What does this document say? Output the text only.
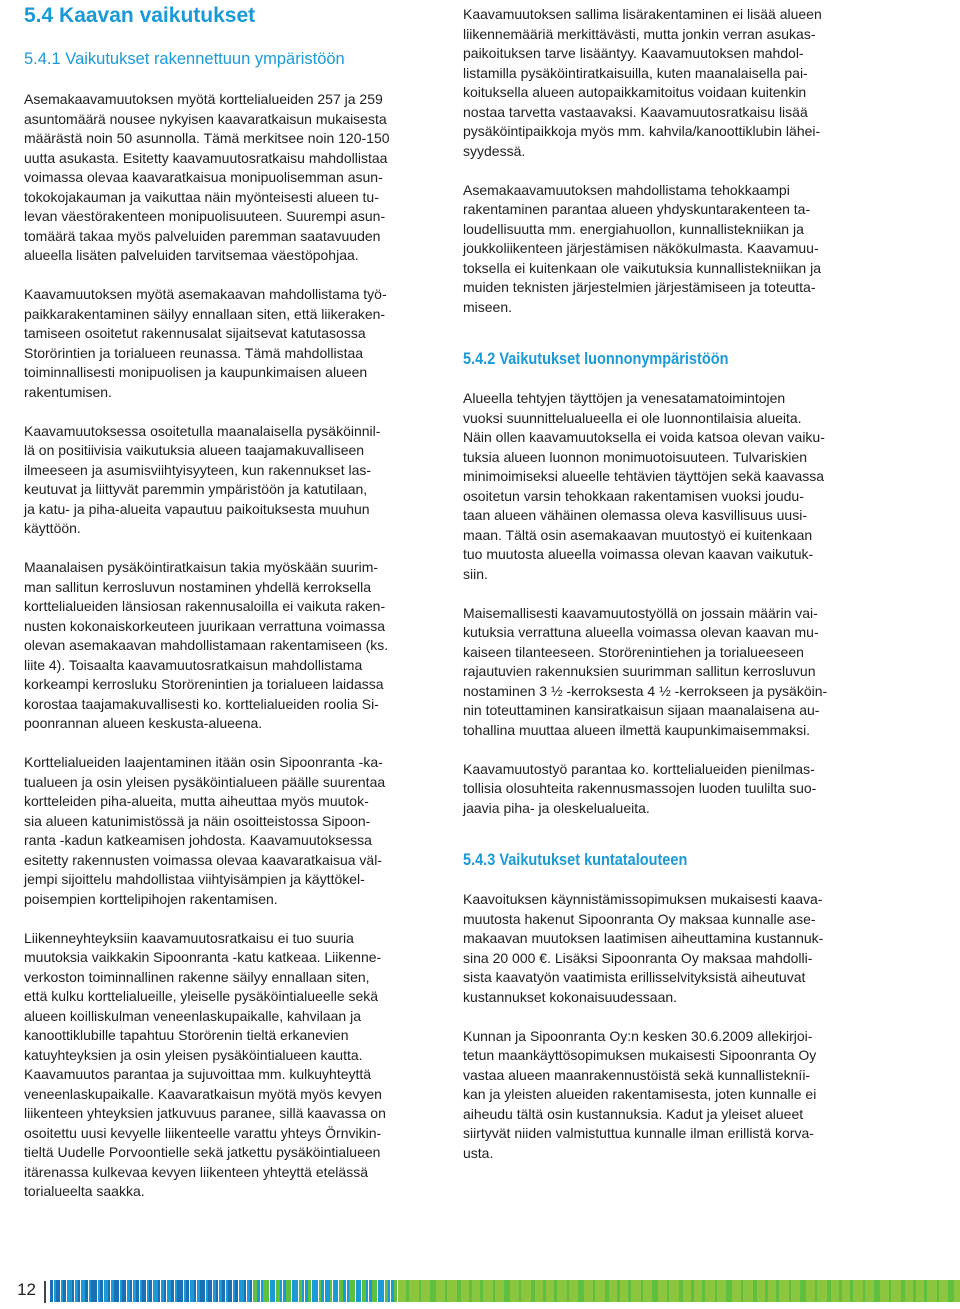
5.4 Kaavan vaikutukset
5.4.1 Vaikutukset rakennettuun ympäristöön

Asemakaavamuutoksen myötä korttelialueiden 257 ja 259
asuntomäärä nousee nykyisen kaavaratkaisun mukaisesta
määrästä noin 50 asunnolla. Tämä merkitsee noin 120-150
uutta asukasta. Esitetty kaavamuutosratkaisu mahdollistaa
voimassa olevaa kaavaratkaisua monipuolisemman asun-
tokokojakauman ja vaikuttaa näin myönteisesti alueen tu-
levan väestörakenteen monipuolisuuteen. Suurempi asun-
tomäärä takaa myös palveluiden paremman saatavuuden
alueella lisäten palveluiden tarvitsemaa väestöpohjaa.

Kaavamuutoksen myötä asemakaavan mahdollistama työ-
paikkarakentaminen säilyy ennallaan siten, että liikeraken-
tamiseen osoitetut rakennusalat sijaitsevat katutasossa
Storörintien ja torialueen reunassa. Tämä mahdollistaa
toiminnallisesti monipuolisen ja kaupunkimaisen alueen
rakentumisen.

Kaavamuutoksessa osoitetulla maanalaisella pysäköinnil-
lä on positiivisia vaikutuksia alueen taajamakuvalliseen
ilmeeseen ja asumisviihtyisyyteen, kun rakennukset las-
keutuvat ja liittyvät paremmin ympäristöön ja katutilaan,
ja katu- ja piha-alueita vapautuu paikoituksesta muuhun
käyttöön.

Maanalaisen pysäköintiratkaisun takia myöskään suurim-
man sallitun kerrosluvun nostaminen yhdellä kerroksella
korttelialueiden länsiosan rakennusaloilla ei vaikuta raken-
nusten kokonaiskorkeuteen juurikaan verrattuna voimassa
olevan asemakaavan mahdollistamaan rakentamiseen (ks.
liite 4). Toisaalta kaavamuutosratkaisun mahdollistama
korkeampi kerrosluku Storörenintien ja torialueen laidassa
korostaa taajamakuvallisesti ko. korttelialueiden roolia Si-
poonrannan alueen keskusta-alueena.

Korttelialueiden laajentaminen itään osin Sipoonranta -ka-
tualueen ja osin yleisen pysäköintialueen päälle suurentaa
kortteleiden piha-alueita, mutta aiheuttaa myös muutok-
sia alueen katunimistössä ja näin osoitteistossa Sipoon-
ranta -kadun katkeamisen johdosta. Kaavamuutoksessa
esitetty rakennusten voimassa olevaa kaavaratkaisua väl-
jempi sijoittelu mahdollistaa viihtyisämpien ja käyttökel-
poisempien korttelipihojen rakentamisen.

Liikenneyhteyksiin kaavamuutosratkaisu ei tuo suuria
muutoksia vaikkakin Sipoonranta -katu katkeaa. Liikenne-
verkoston toiminnallinen rakenne säilyy ennallaan siten,
että kulku korttelialueille, yleiselle pysäköintialueelle sekä
alueen koilliskulman veneenlaskupaikalle, kahvilaan ja
kanoottiklubille tapahtuu Storörenin tieltä erkanevien
katuyhteyksien ja osin yleisen pysäköintialueen kautta.
Kaavamuutos parantaa ja sujuvoittaa mm. kulkuyhteyttä
veneenlaskupaikalle. Kaavaratkaisun myötä myös kevyen
liikenteen yhteyksien jatkuvuus paranee, sillä kaavassa on
osoitettu uusi kevyelle liikenteelle varattu yhteys Örnvikin-
tieltä Uudelle Porvoontielle sekä jatkettu pysäköintialueen
itärenassa kulkevaa kevyen liikenteen yhteyttä etelässä
torialueelta saakka.

Kaavamuutoksen sallima lisärakentaminen ei lisää alueen
liikennemääriä merkittävästi, mutta jonkin verran asukas-
paikoituksen tarve lisääntyy. Kaavamuutoksen mahdol-
listamilla pysäköintiratkaisuilla, kuten maanalaisella pai-
koituksella alueen autopaikkamitoitus voidaan kuitenkin
nostaa tarvetta vastaavaksi. Kaavamuutosratkaisu lisää
pysäköintipaikkoja myös mm. kahvila/kanoottiklubin lähei-
syydessä.

Asemakaavamuutoksen mahdollistama tehokkaampi
rakentaminen parantaa alueen yhdyskuntarakenteen ta-
loudellisuutta mm. energiahuollon, kunnallistekniikan ja
joukkoliikenteen järjestämisen näkökulmasta. Kaavamuu-
toksella ei kuitenkaan ole vaikutuksia kunnallistekniikan ja
muiden teknisten järjestelmien järjestämiseen ja toteutta-
miseen.

5.4.2 Vaikutukset luonnonympäristöön

Alueella tehtyjen täyttöjen ja venesatamatoimintojen
vuoksi suunnittelualueella ei ole luonnontilaisia alueita.
Näin ollen kaavamuutoksella ei voida katsoa olevan vaiku-
tuksia alueen luonnon monimuotoisuuteen. Tulvariskien
minimoimiseksi alueelle tehtävien täyttöjen sekä kaavassa
osoitetun varsin tehokkaan rakentamisen vuoksi joudu-
taan alueen vähäinen olemassa oleva kasvillisuus uusi-
maan. Tältä osin asemakaavan muutostyö ei kuitenkaan
tuo muutosta alueella voimassa olevan kaavan vaikutuk-
siin.

Maisemallisesti kaavamuutostyöllä on jossain määrin vai-
kutuksia verrattuna alueella voimassa olevan kaavan mu-
kaiseen tilanteeseen. Storörenintiehen ja torialueeseen
rajautuvien rakennuksien suurimman sallitun kerrosluvun
nostaminen 3 ½ -kerroksesta 4 ½ -kerrokseen ja pysäköin-
nin toteuttaminen kansiratkaisun sijaan maanalaisena au-
tohallina muuttaa alueen ilmettä kaupunkimaisemmaksi.

Kaavamuutostyö parantaa ko. korttelialueiden pienilmas-
tollisia olosuhteita rakennusmassojen luoden tuulilta suo-
jaavia piha- ja oleskelualueita.

5.4.3 Vaikutukset kuntatalouteen

Kaavoituksen käynnistämissopimuksen mukaisesti kaava-
muutosta hakenut Sipoonranta Oy maksaa kunnalle ase-
makaavan muutoksen laatimisen aiheuttamina kustannuk-
sina 20 000 €. Lisäksi Sipoonranta Oy maksaa mahdolli-
sista kaavatyön vaatimista erillisselvityksistä aiheutuvat
kustannukset kokonaisuudessaan.

Kunnan ja Sipoonranta Oy:n kesken 30.6.2009 allekirjoi-
tetun maankäyttösopimuksen mukaisesti Sipoonranta Oy
vastaa alueen maanrakennustöistä sekä kunnallistekníi-
kan ja yleisten alueiden rakentamisesta, joten kunnalle ei
aiheudu tältä osin kustannuksia. Kadut ja yleiset alueet
siirtyvät niiden valmistuttua kunnalle ilman erillistä korva-
usta.

12
